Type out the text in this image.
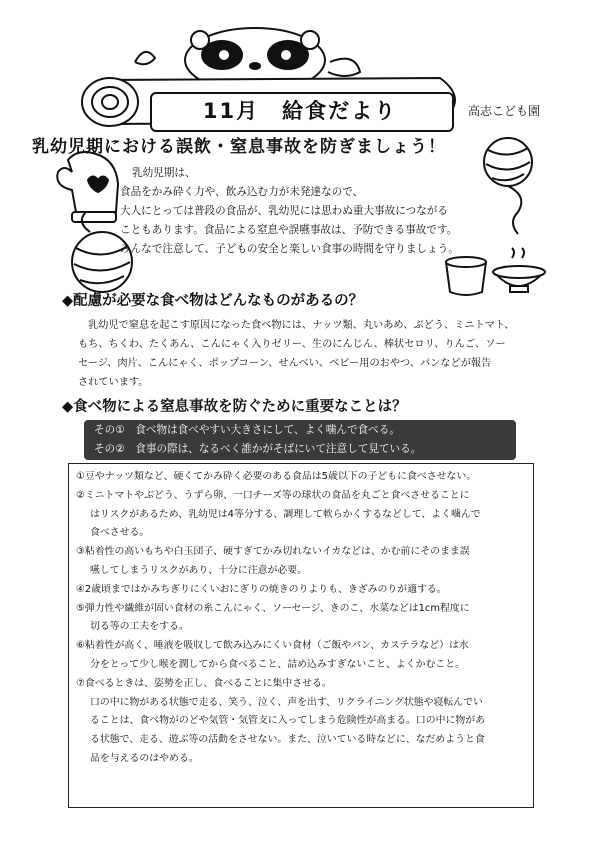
11月　給食だより	高志こども園
乳幼児期における誤飲・窒息事故を防ぎましょう！

乳幼児期は、

食品をかみ砕く力や、飲み込む力が未発達なので、

大人にとっては普段の食品が、乳幼児には思わぬ重大事故につながる

こともあります。食品による窒息や誤嚥事故は、予防できる事故です。

みんなで注意して、子どもの安全と楽しい食事の時間を守りましょう。

◆配慮が必要な食べ物はどんなものがあるの？

乳幼児で窒息を起こす原因になった食べ物には、ナッツ類、丸いあめ、ぶどう、ミニトマト、

もち、ちくわ、たくあん、こんにゃく入りゼリー、生のにんじん、棒状セロリ、りんご、ソー

セージ、肉片、こんにゃく、ポップコーン、せんべい、ベビー用のおやつ、パンなどが報告

されています。

◆食べ物による窒息事故を防ぐために重要なことは？

その①　食べ物は食べやすい大きさにして、よく噛んで食べる。

その②　食事の際は、なるべく誰かがそばにいて注意して見ている。

①豆やナッツ類など、硬くてかみ砕く必要のある食品は5歳以下の子どもに食べさせない。

②ミニトマトやぶどう、うずら卵、一口チーズ等の球状の食品を丸ごと食べさせることに

はリスクがあるため、乳幼児は4等分する、調理して軟らかくするなどして、よく噛んで

食べさせる。

③粘着性の高いもちや白玉団子、硬すぎてかみ切れないイカなどは、かむ前にそのまま誤

嚥してしまうリスクがあり、十分に注意が必要。

④2歳頃まではかみちぎりにくいおにぎりの焼きのりよりも、きざみのりが適する。

⑤弾力性や繊維が固い食材の糸こんにゃく、ソーセージ、きのこ、水菜などは1cm程度に

切る等の工夫をする。

⑥粘着性が高く、唾液を吸収して飲み込みにくい食材（ご飯やパン、カステラなど）は水

分をとって少し喉を潤してから食べること、詰め込みすぎないこと、よくかむこと。

⑦食べるときは、姿勢を正し、食べることに集中させる。

口の中に物がある状態で走る、笑う、泣く、声を出す、リクライニング状態や寝転んでい

ることは、食べ物がのどや気管・気管支に入ってしまう危険性が高まる。口の中に物があ

る状態で、走る、遊ぶ等の活動をさせない。また、泣いている時などに、なだめようと食

品を与えるのはやめる。
